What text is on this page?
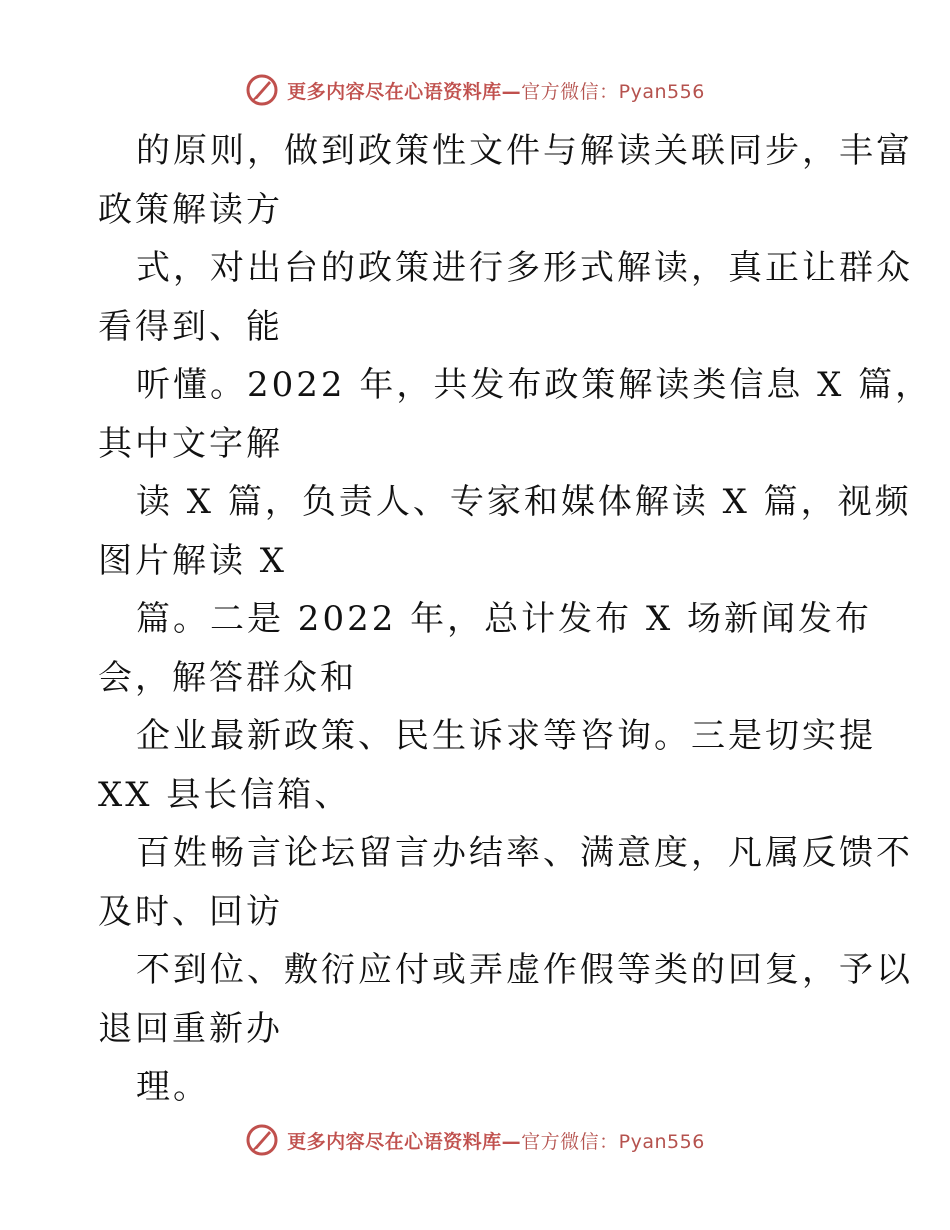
更多内容尽在心语资料库—官方微信：Pyan556
的原则，做到政策性文件与解读关联同步，丰富
政策解读方
式，对出台的政策进行多形式解读，真正让群众
看得到、能
听懂。2022 年，共发布政策解读类信息 X 篇，
其中文字解
读 X 篇，负责人、专家和媒体解读 X 篇，视频
图片解读 X
篇。二是 2022 年，总计发布 X 场新闻发布
会，解答群众和
企业最新政策、民生诉求等咨询。三是切实提
XX 县长信箱、
百姓畅言论坛留言办结率、满意度，凡属反馈不
及时、回访
不到位、敷衍应付或弄虚作假等类的回复，予以
退回重新办
理。
更多内容尽在心语资料库—官方微信：Pyan556
